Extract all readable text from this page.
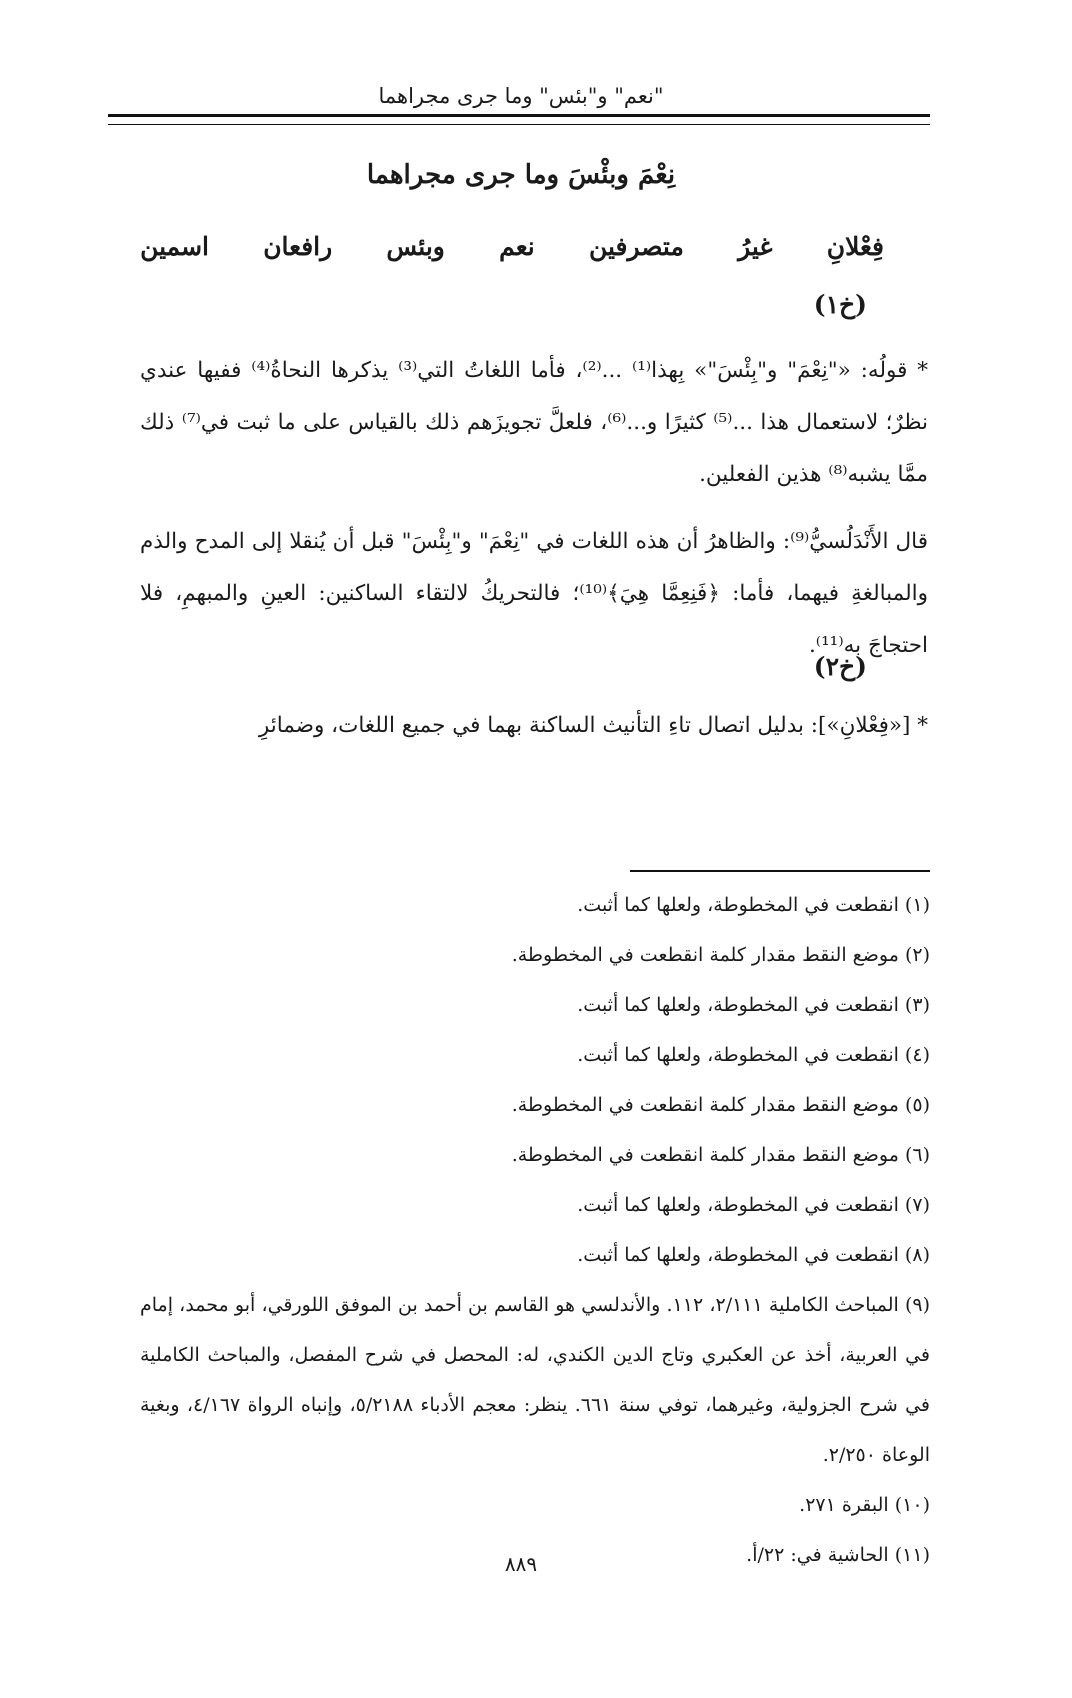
"نعم" و"بئس" وما جرى مجراهما
نِعْمَ وبئْسَ وما جرى مجراهما
فِعْلانِ
غيرُ
متصرفين
نعم
وبئس
رافعان
اسمين
(خ١)
* قولُه: «"نِعْمَ" و"بِئْسَ"» بِهذا⁽¹⁾ ...⁽²⁾، فأما اللغاتُ التي⁽³⁾ يذكرها النحاةُ⁽⁴⁾ ففيها عندي نظرٌ؛ لاستعمال هذا ...⁽⁵⁾ كثيرًا و...⁽⁶⁾، فلعلَّ تجويزَهم ذلك بالقياس على ما ثبت في⁽⁷⁾ ذلك ممَّا يشبه⁽⁸⁾ هذين الفعلين.
قال الأَنْدَلُسيُّ⁽⁹⁾: والظاهرُ أن هذه اللغات في "نِعْمَ" و"بِئْسَ" قبل أن يُنقلا إلى المدح والذم والمبالغةِ فيهما، فأما: ﴿فَنِعِمَّا هِيَ﴾⁽¹⁰⁾؛ فالتحريكُ لالتقاء الساكنين: العينِ والمبهمِ، فلا احتجاجَ به⁽¹¹⁾.
(خ٢)
* [«فِعْلانِ»]: بدليل اتصال تاءِ التأنيث الساكنة بهما في جميع اللغات، وضمائرِ
(١) انقطعت في المخطوطة، ولعلها كما أثبت.
(٢) موضع النقط مقدار كلمة انقطعت في المخطوطة.
(٣) انقطعت في المخطوطة، ولعلها كما أثبت.
(٤) انقطعت في المخطوطة، ولعلها كما أثبت.
(٥) موضع النقط مقدار كلمة انقطعت في المخطوطة.
(٦) موضع النقط مقدار كلمة انقطعت في المخطوطة.
(٧) انقطعت في المخطوطة، ولعلها كما أثبت.
(٨) انقطعت في المخطوطة، ولعلها كما أثبت.
(٩) المباحث الكاملية ٢/١١١، ١١٢. والأندلسي هو القاسم بن أحمد بن الموفق اللورقي، أبو محمد، إمام في العربية، أخذ عن العكبري وتاج الدين الكندي، له: المحصل في شرح المفصل، والمباحث الكاملية في شرح الجزولية، وغيرهما، توفي سنة ٦٦١. ينظر: معجم الأدباء ٥/٢١٨٨، وإنباه الرواة ٤/١٦٧، وبغية الوعاة ٢/٢٥٠.
(١٠) البقرة ٢٧١.
(١١) الحاشية في: ٢٢/أ.
٨٨٩
